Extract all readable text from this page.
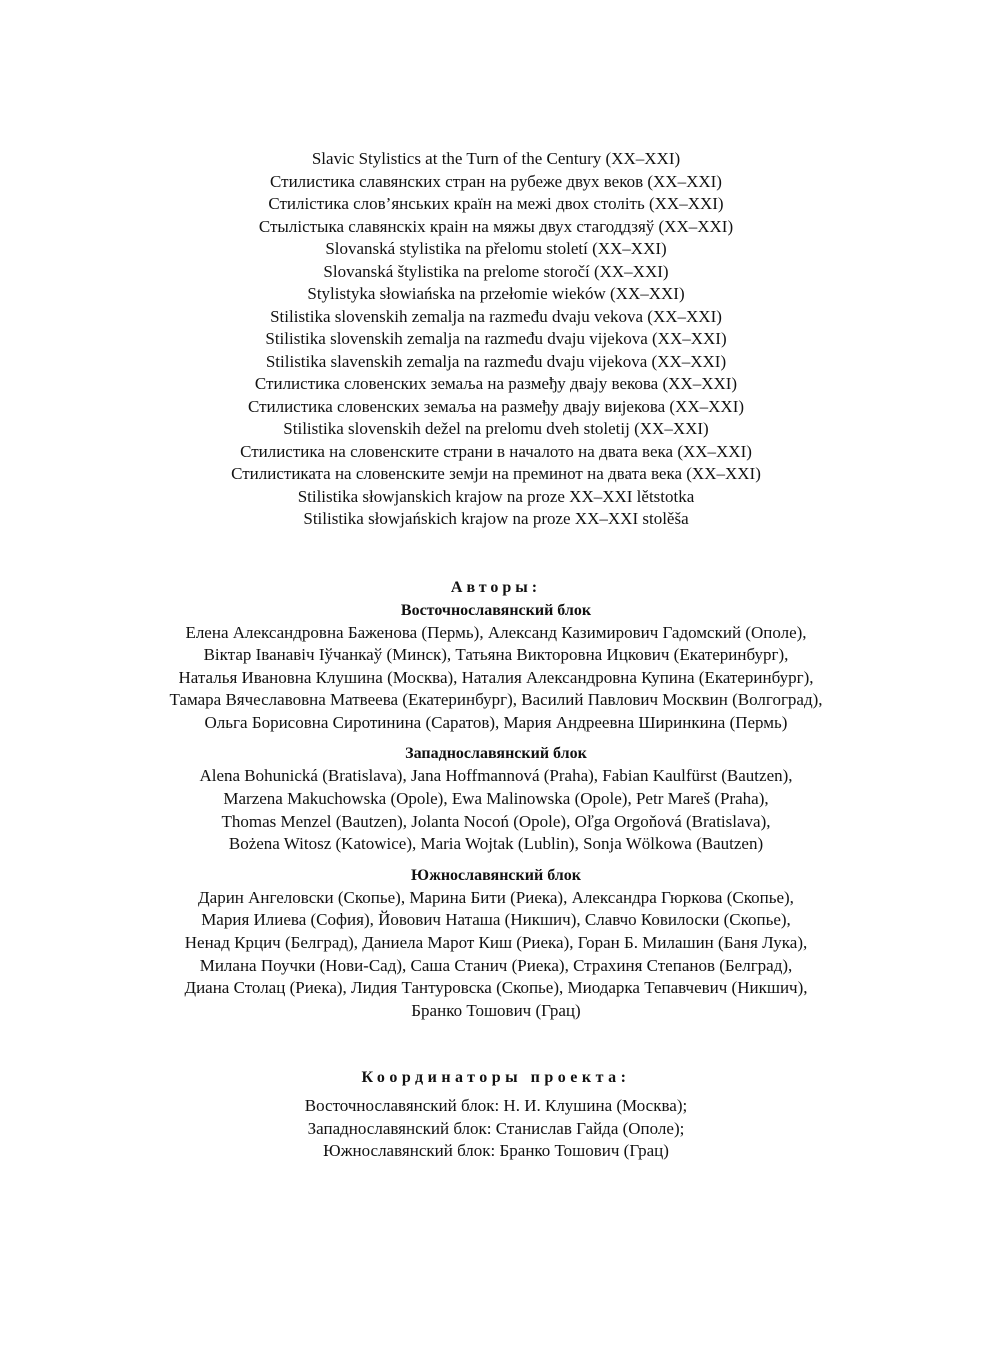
Slavic Stylistics at the Turn of the Century (XX–XXI)
Стилистика славянских стран на рубеже двух веков (XX–XXI)
Стилістика слов’янських країн на межі двох століть (XX–XXI)
Стылістыка славянскіх краін на мяжы двух стагоддзяў (XX–XXI)
Slovanská stylistika na přelomu století (XX–XXI)
Slovanská štylistika na prelome storočí (XX–XXI)
Stylistyka słowiańska na przełomie wieków (XX–XXI)
Stilistika slovenskih zemalja na razmeđu dvaju vekova (XX–XXI)
Stilistika slovenskih zemalja na razmeđu dvaju vijekova (XX–XXI)
Stilistika slavenskih zemalja na razmeđu dvaju vijekova (XX–XXI)
Стилистика словенских земаља на размеђу двају векова (XX–XXI)
Стилистика словенских земаља на размеђу двају вијекова (XX–XXI)
Stilistika slovenskih dežel na prelomu dveh stoletij (XX–XXI)
Стилистика на словенските страни в началото на двата века (XX–XXI)
Стилистиката на словенските земји на преминот на двата века (XX–XXI)
Stilistika słowjanskich krajow na proze XX–XXI lětstotka
Stilistika słowjańskich krajow na proze XX–XXI stolěša
Авторы:
Восточнославянский блок
Елена Александровна Баженова (Пермь), Александ Казимирович Гадомский (Ополе),
Віктар Іванавіч Іўчанкаў (Минск), Татьяна Викторовна Ицкович (Екатеринбург),
Наталья Ивановна Клушина (Москва), Наталия Александровна Купина (Екатеринбург),
Тамара Вячеславовна Матвеева (Екатеринбург), Василий Павлович Москвин (Волгоград),
Ольга Борисовна Сиротинина (Саратов), Мария Андреевна Ширинкина (Пермь)
Западнославянский блок
Alena Bohunická (Bratislava), Jana Hoffmannová (Praha), Fabian Kaulfürst (Bautzen),
Marzena Makuchowska (Opole), Ewa Malinowska (Opole), Petr Mareš (Praha),
Thomas Menzel (Bautzen), Jolanta Nocoń (Opole), Oľga Orgoňová (Bratislava),
Bożena Witosz (Katowice), Maria Wojtak (Lublin), Sonja Wölkowa (Bautzen)
Южнославянский блок
Дарин Ангеловски (Скопье), Марина Бити (Риека), Александра Гюркова (Скопье),
Мария Илиева (София), Йовович Наташа (Никшич), Славчо Ковилоски (Скопье),
Ненад Крцич (Белград), Даниела Марот Киш (Риека), Горан Б. Милашин (Баня Лука),
Милана Поучки (Нови-Сад), Саша Станич (Риека), Страхиня Степанов (Белград),
Диана Столац (Риека), Лидия Тантуровска (Скопье), Миодарка Тепавчевич (Никшич),
Бранко Тошович (Грац)
Координаторы проекта:
Восточнославянский блок: Н. И. Клушина (Москва);
Западнославянский блок: Станислав Гайда (Ополе);
Южнославянский блок: Бранко Тошович (Грац)
